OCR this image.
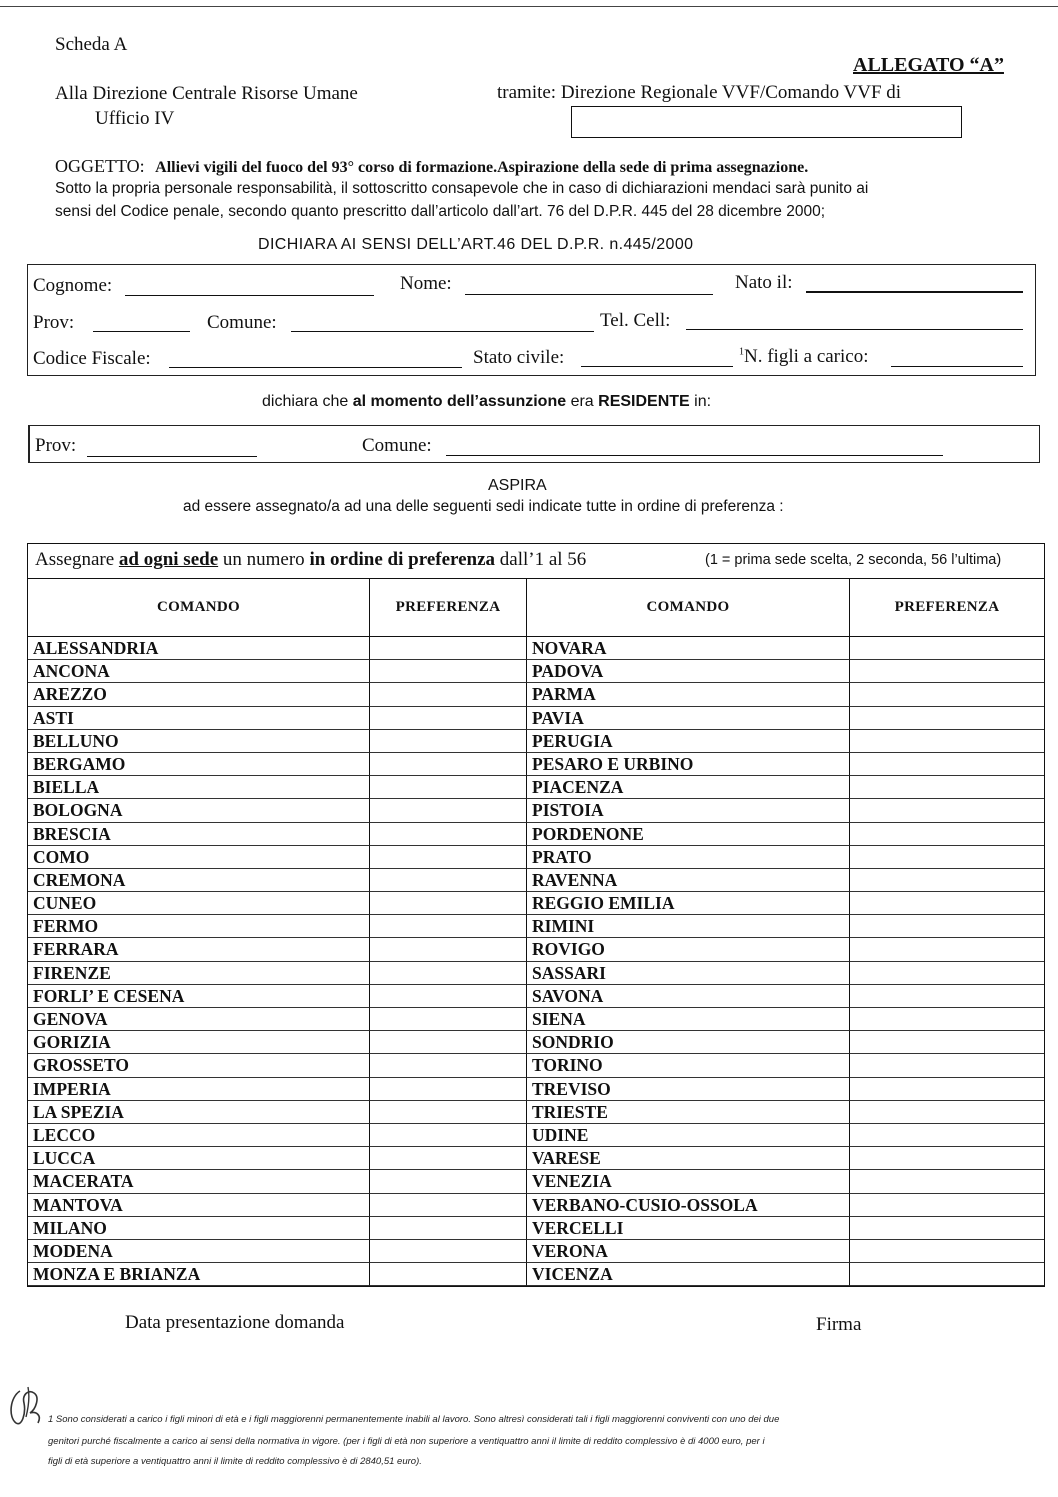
Scheda A
ALLEGATO “A”
Alla Direzione Centrale Risorse Umane
Ufficio IV
tramite: Direzione Regionale VVF/Comando VVF di
OGGETTO: Allievi vigili del fuoco del 93° corso di formazione.Aspirazione della sede di prima assegnazione.
Sotto la propria personale responsabilità, il sottoscritto consapevole che in caso di dichiarazioni mendaci sarà punito ai
sensi del Codice penale, secondo quanto prescritto dall’articolo dall’art. 76 del D.P.R. 445 del 28 dicembre 2000;
DICHIARA AI SENSI DELL’ART.46 DEL D.P.R. n.445/2000
Cognome:	Nome:	Nato il:
Prov:	Comune:	Tel. Cell:
Codice Fiscale:	Stato civile:	$^1$N. figli a carico:
dichiara che al momento dell’assunzione era RESIDENTE in:
Prov:	Comune:
ASPIRA
ad essere assegnato/a ad una delle seguenti sedi indicate tutte in ordine di preferenza :
Assegnare ad ogni sede un numero in ordine di preferenza dall’1 al 56	(1 = prima sede scelta, 2 seconda, 56 l’ultima)
COMANDO	PREFERENZA	COMANDO	PREFERENZA
ALESSANDRIA	NOVARA
ANCONA	PADOVA
AREZZO	PARMA
ASTI	PAVIA
BELLUNO	PERUGIA
BERGAMO	PESARO E URBINO
BIELLA	PIACENZA
BOLOGNA	PISTOIA
BRESCIA	PORDENONE
COMO	PRATO
CREMONA	RAVENNA
CUNEO	REGGIO EMILIA
FERMO	RIMINI
FERRARA	ROVIGO
FIRENZE	SASSARI
FORLI’ E CESENA	SAVONA
GENOVA	SIENA
GORIZIA	SONDRIO
GROSSETO	TORINO
IMPERIA	TREVISO
LA SPEZIA	TRIESTE
LECCO	UDINE
LUCCA	VARESE
MACERATA	VENEZIA
MANTOVA	VERBANO-CUSIO-OSSOLA
MILANO	VERCELLI
MODENA	VERONA
MONZA E BRIANZA	VICENZA
Data presentazione domanda	Firma
1 Sono considerati a carico i figli minori di età e i figli maggiorenni permanentemente inabili al lavoro. Sono altresì considerati tali i figli maggiorenni conviventi con uno dei due
genitori purché fiscalmente a carico ai sensi della normativa in vigore. (per i figli di età non superiore a ventiquattro anni il limite di reddito complessivo è di 4000 euro, per i
figli di età superiore a ventiquattro anni il limite di reddito complessivo è di 2840,51 euro).
